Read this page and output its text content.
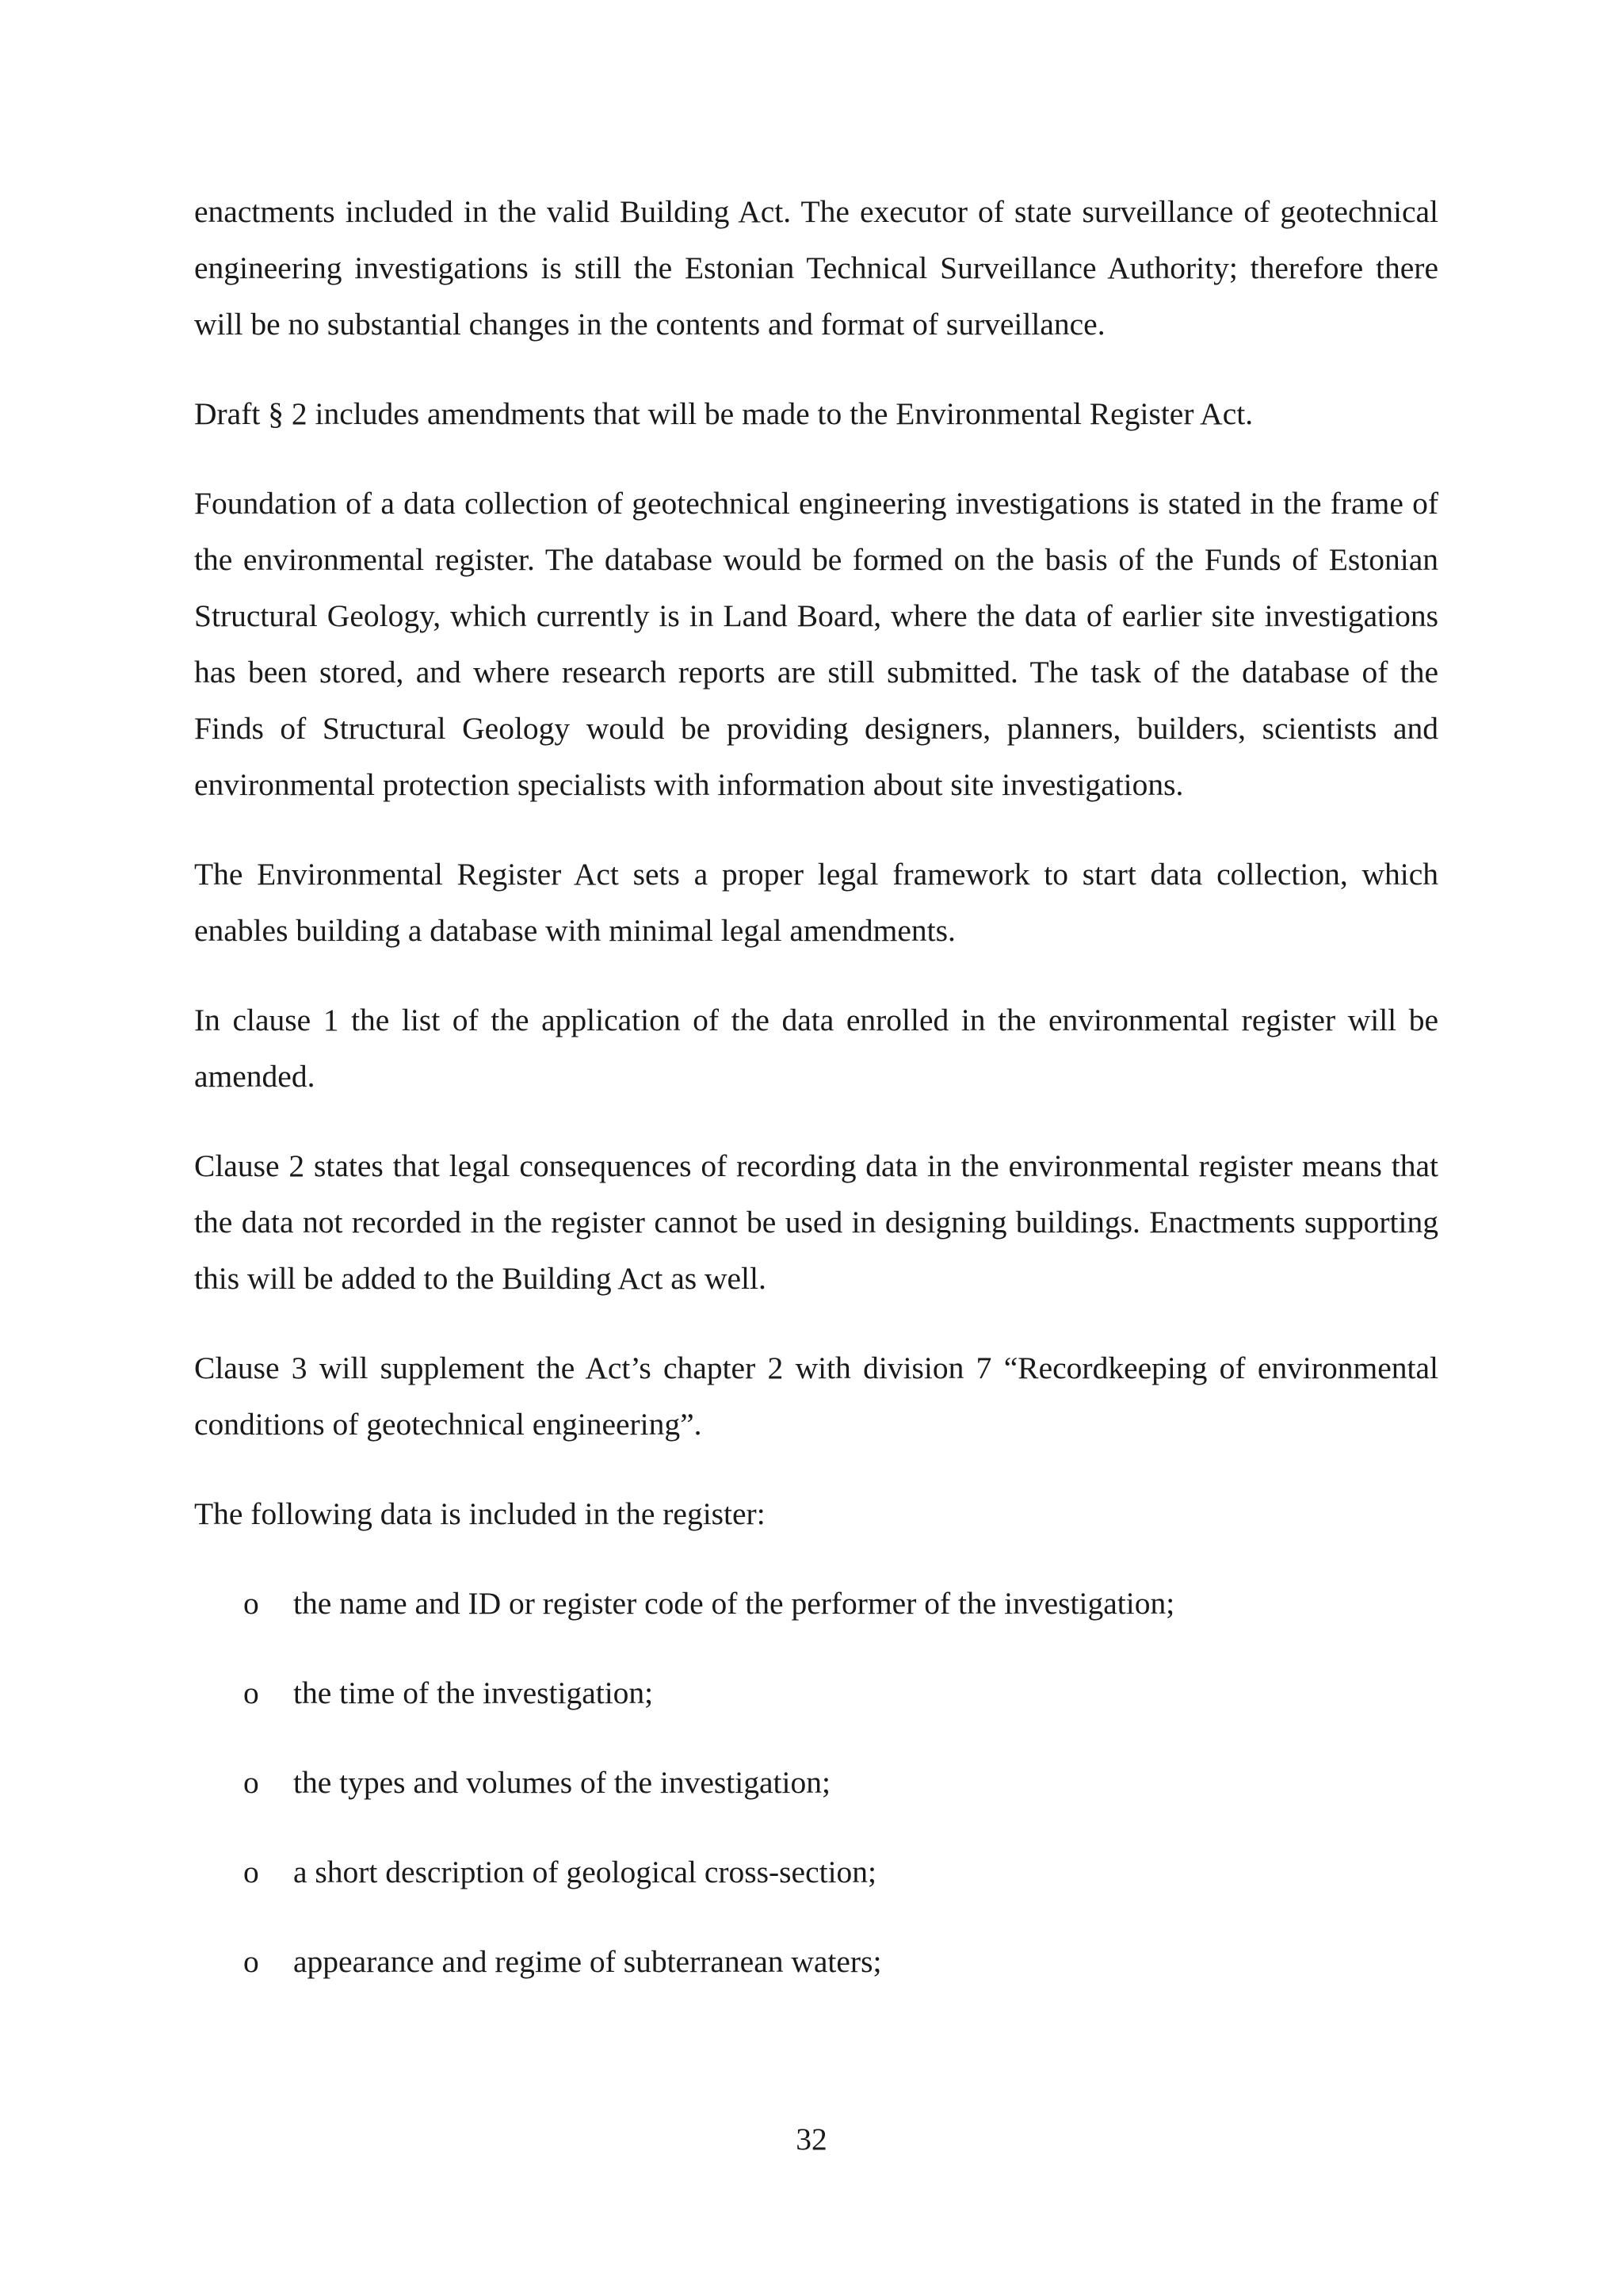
enactments included in the valid Building Act. The executor of state surveillance of geotechnical engineering investigations is still the Estonian Technical Surveillance Authority; therefore there will be no substantial changes in the contents and format of surveillance.

Draft § 2 includes amendments that will be made to the Environmental Register Act.

Foundation of a data collection of geotechnical engineering investigations is stated in the frame of the environmental register. The database would be formed on the basis of the Funds of Estonian Structural Geology, which currently is in Land Board, where the data of earlier site investigations has been stored, and where research reports are still submitted. The task of the database of the Finds of Structural Geology would be providing designers, planners, builders, scientists and environmental protection specialists with information about site investigations.

The Environmental Register Act sets a proper legal framework to start data collection, which enables building a database with minimal legal amendments.

In clause 1 the list of the application of the data enrolled in the environmental register will be amended.

Clause 2 states that legal consequences of recording data in the environmental register means that the data not recorded in the register cannot be used in designing buildings. Enactments supporting this will be added to the Building Act as well.

Clause 3 will supplement the Act’s chapter 2 with division 7 “Recordkeeping of environmental conditions of geotechnical engineering”.

The following data is included in the register:

o the name and ID or register code of the performer of the investigation;
o the time of the investigation;
o the types and volumes of the investigation;
o a short description of geological cross-section;
o appearance and regime of subterranean waters;
32
